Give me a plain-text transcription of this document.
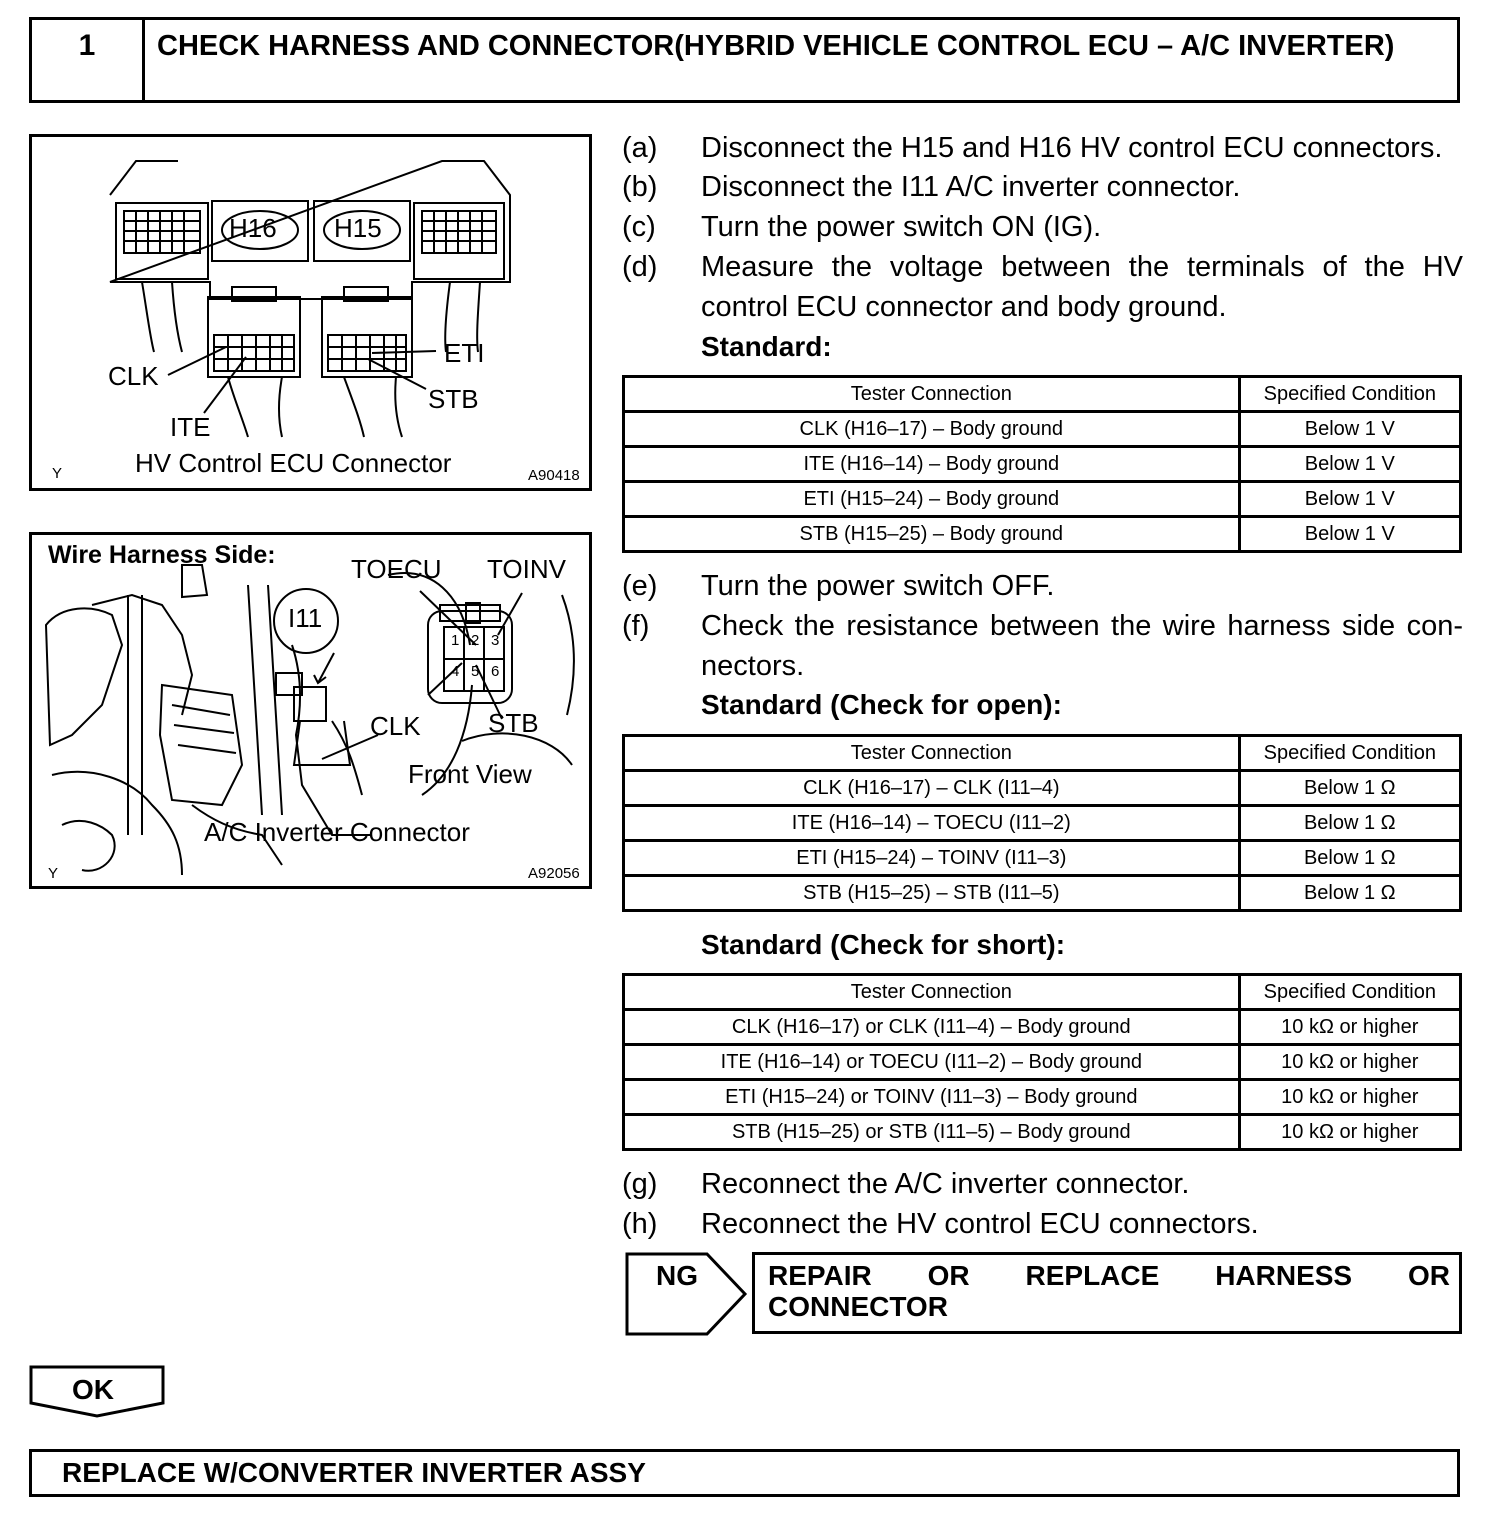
1	CHECK HARNESS AND CONNECTOR(HYBRID VEHICLE CONTROL ECU – A/C INVERTER)
H16 H15
CLK
ITE
ETI
STB
HV Control ECU Connector
Y	A90418
Wire Harness Side:	TOECU TOINV
I11
1 2 3
4 5 6
CLK	STB
Front View
A/C Inverter Connector
Y	A92056
(a) Disconnect the H15 and H16 HV control ECU connectors.
(b) Disconnect the I11 A/C inverter connector.
(c) Turn the power switch ON (IG).
(d) Measure the voltage between the terminals of the HV
control ECU connector and body ground.
Standard:
Tester Connection	Specified Condition
CLK (H16–17) – Body ground	Below 1 V
ITE (H16–14) – Body ground	Below 1 V
ETI (H15–24) – Body ground	Below 1 V
STB (H15–25) – Body ground	Below 1 V
(e) Turn the power switch OFF.
(f) Check the resistance between the wire harness side con-
nectors.
Standard (Check for open):
Tester Connection	Specified Condition
CLK (H16–17) – CLK (I11–4)	Below 1 Ω
ITE (H16–14) – TOECU (I11–2)	Below 1 Ω
ETI (H15–24) – TOINV (I11–3)	Below 1 Ω
STB (H15–25) – STB (I11–5)	Below 1 Ω
Standard (Check for short):
Tester Connection	Specified Condition
CLK (H16–17) or CLK (I11–4) – Body ground	10 kΩ or higher
ITE (H16–14) or TOECU (I11–2) – Body ground	10 kΩ or higher
ETI (H15–24) or TOINV (I11–3) – Body ground	10 kΩ or higher
STB (H15–25) or STB (I11–5) – Body ground	10 kΩ or higher
(g) Reconnect the A/C inverter connector.
(h) Reconnect the HV control ECU connectors.
NG	REPAIR OR REPLACE HARNESS OR
CONNECTOR
OK
REPLACE W/CONVERTER INVERTER ASSY
